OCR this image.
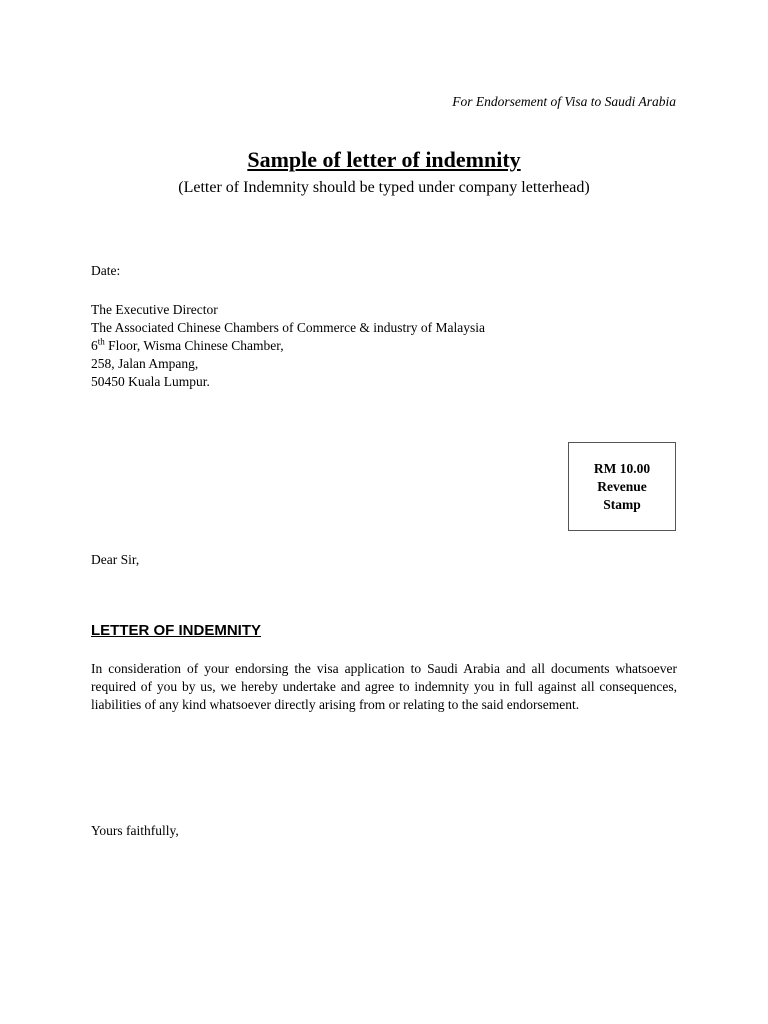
For Endorsement of Visa to Saudi Arabia
Sample of letter of indemnity
(Letter of Indemnity should be typed under company letterhead)
Date:
The Executive Director
The Associated Chinese Chambers of Commerce & industry of Malaysia
6th Floor, Wisma Chinese Chamber,
258, Jalan Ampang,
50450 Kuala Lumpur.
RM 10.00
Revenue
Stamp
Dear Sir,
LETTER OF INDEMNITY
In consideration of your endorsing the visa application to Saudi Arabia and all documents whatsoever required of you by us, we hereby undertake and agree to indemnity you in full against all consequences, liabilities of any kind whatsoever directly arising from or relating to the said endorsement.
Yours faithfully,
